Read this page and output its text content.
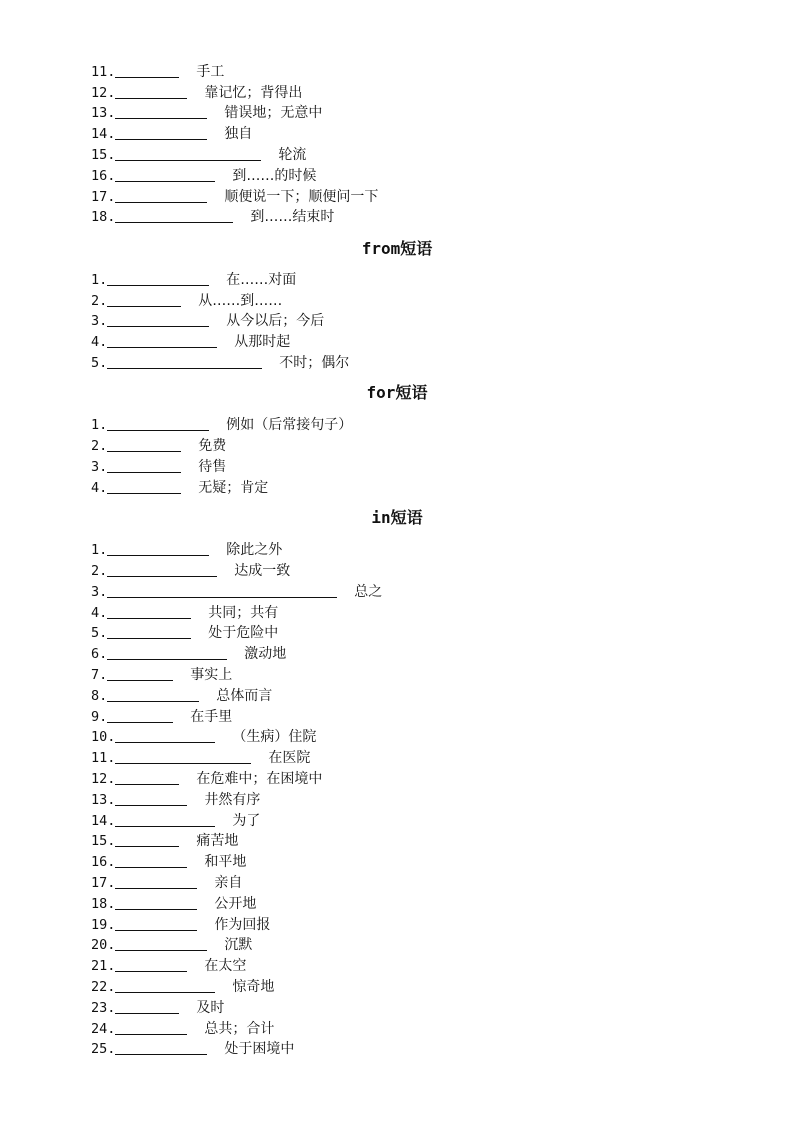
11.	手工
12.	靠记忆；背得出
13.	错误地；无意中
14.	独自
15.	轮流
16.	到……的时候
17.	顺便说一下；顺便问一下
18.	到……结束时
from短语
1.	在……对面
2.	从……到……
3.	从今以后；今后
4.	从那时起
5.	不时；偶尔
for短语
1.	例如（后常接句子）
2.	免费
3.	待售
4.	无疑；肯定
in短语
1.	除此之外
2.	达成一致
3.	总之
4.	共同；共有
5.	处于危险中
6.	激动地
7.	事实上
8.	总体而言
9.	在手里
10.	（生病）住院
11.	在医院
12.	在危难中；在困境中
13.	井然有序
14.	为了
15.	痛苦地
16.	和平地
17.	亲自
18.	公开地
19.	作为回报
20.	沉默
21.	在太空
22.	惊奇地
23.	及时
24.	总共；合计
25.	处于困境中
